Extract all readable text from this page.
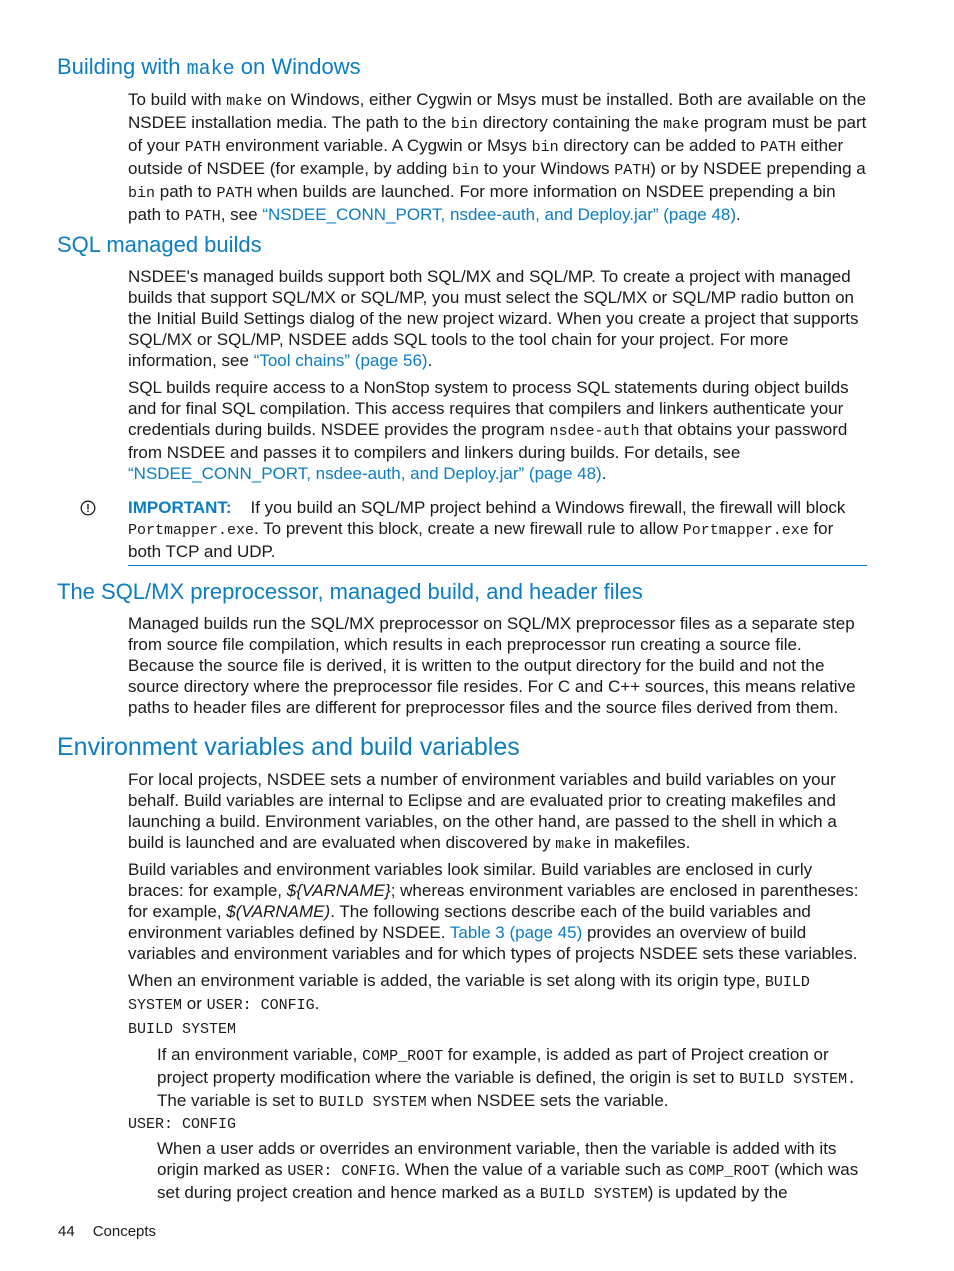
Building with make on Windows

To build with make on Windows, either Cygwin or Msys must be installed. Both are available on the NSDEE installation media. The path to the bin directory containing the make program must be part of your PATH environment variable. A Cygwin or Msys bin directory can be added to PATH either outside of NSDEE (for example, by adding bin to your Windows PATH) or by NSDEE prepending a bin path to PATH when builds are launched. For more information on NSDEE prepending a bin path to PATH, see “NSDEE_CONN_PORT, nsdee-auth, and Deploy.jar” (page 48).

SQL managed builds

NSDEE's managed builds support both SQL/MX and SQL/MP. To create a project with managed builds that support SQL/MX or SQL/MP, you must select the SQL/MX or SQL/MP radio button on the Initial Build Settings dialog of the new project wizard. When you create a project that supports SQL/MX or SQL/MP, NSDEE adds SQL tools to the tool chain for your project. For more information, see “Tool chains” (page 56).

SQL builds require access to a NonStop system to process SQL statements during object builds and for final SQL compilation. This access requires that compilers and linkers authenticate your credentials during builds. NSDEE provides the program nsdee-auth that obtains your password from NSDEE and passes it to compilers and linkers during builds. For details, see “NSDEE_CONN_PORT, nsdee-auth, and Deploy.jar” (page 48).

IMPORTANT: If you build an SQL/MP project behind a Windows firewall, the firewall will block Portmapper.exe. To prevent this block, create a new firewall rule to allow Portmapper.exe for both TCP and UDP.

The SQL/MX preprocessor, managed build, and header files

Managed builds run the SQL/MX preprocessor on SQL/MX preprocessor files as a separate step from source file compilation, which results in each preprocessor run creating a source file. Because the source file is derived, it is written to the output directory for the build and not the source directory where the preprocessor file resides. For C and C++ sources, this means relative paths to header files are different for preprocessor files and the source files derived from them.

Environment variables and build variables

For local projects, NSDEE sets a number of environment variables and build variables on your behalf. Build variables are internal to Eclipse and are evaluated prior to creating makefiles and launching a build. Environment variables, on the other hand, are passed to the shell in which a build is launched and are evaluated when discovered by make in makefiles.

Build variables and environment variables look similar. Build variables are enclosed in curly braces: for example, ${VARNAME}; whereas environment variables are enclosed in parentheses: for example, $(VARNAME). The following sections describe each of the build variables and environment variables defined by NSDEE. Table 3 (page 45) provides an overview of build variables and environment variables and for which types of projects NSDEE sets these variables.

When an environment variable is added, the variable is set along with its origin type, BUILD SYSTEM or USER: CONFIG.

BUILD SYSTEM

If an environment variable, COMP_ROOT for example, is added as part of Project creation or project property modification where the variable is defined, the origin is set to BUILD SYSTEM. The variable is set to BUILD SYSTEM when NSDEE sets the variable.

USER: CONFIG

When a user adds or overrides an environment variable, then the variable is added with its origin marked as USER: CONFIG. When the value of a variable such as COMP_ROOT (which was set during project creation and hence marked as a BUILD SYSTEM) is updated by the

44 Concepts
